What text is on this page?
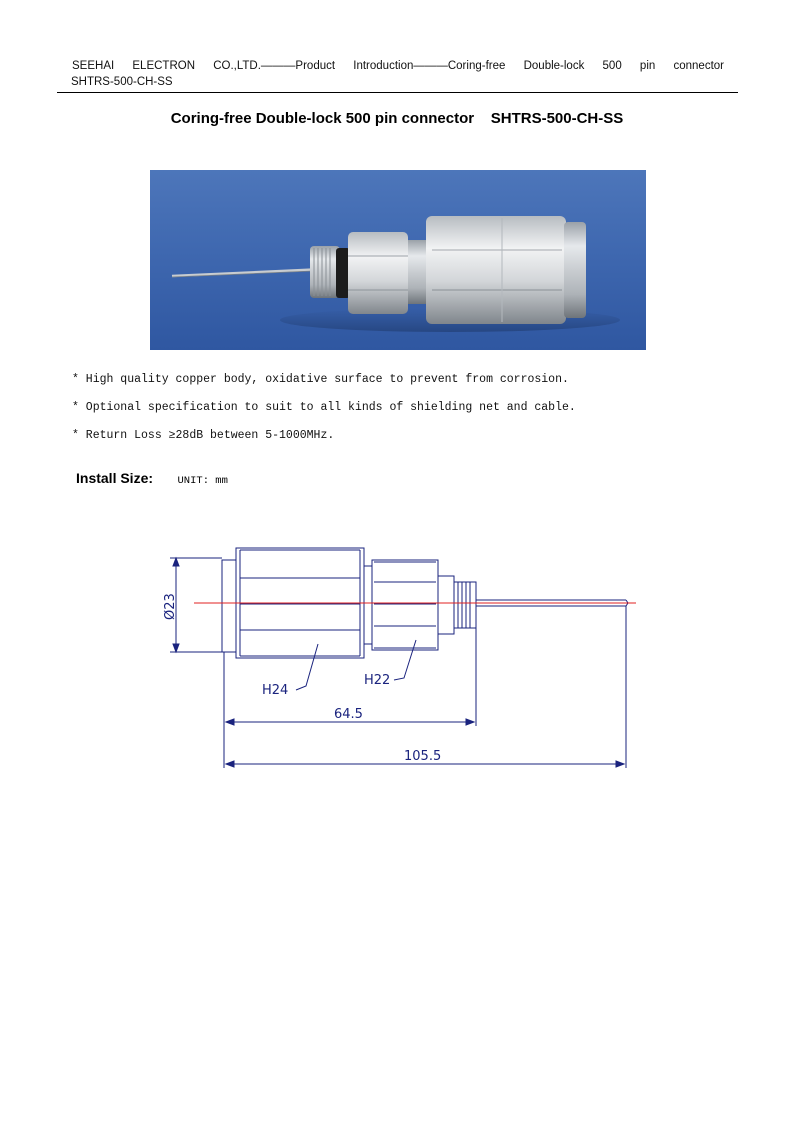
SEEHAI ELECTRON CO.,LTD.———Product Introduction———Coring-free Double-lock 500 pin connector
SHTRS-500-CH-SS
Coring-free Double-lock 500 pin connector    SHTRS-500-CH-SS
* High quality copper body, oxidative surface to prevent from corrosion.
* Optional specification to suit to all kinds of shielding net and cable.
* Return Loss ≥28dB between 5-1000MHz.
Install Size: UNIT: mm
Ø23
H24
H22
64.5
105.5
